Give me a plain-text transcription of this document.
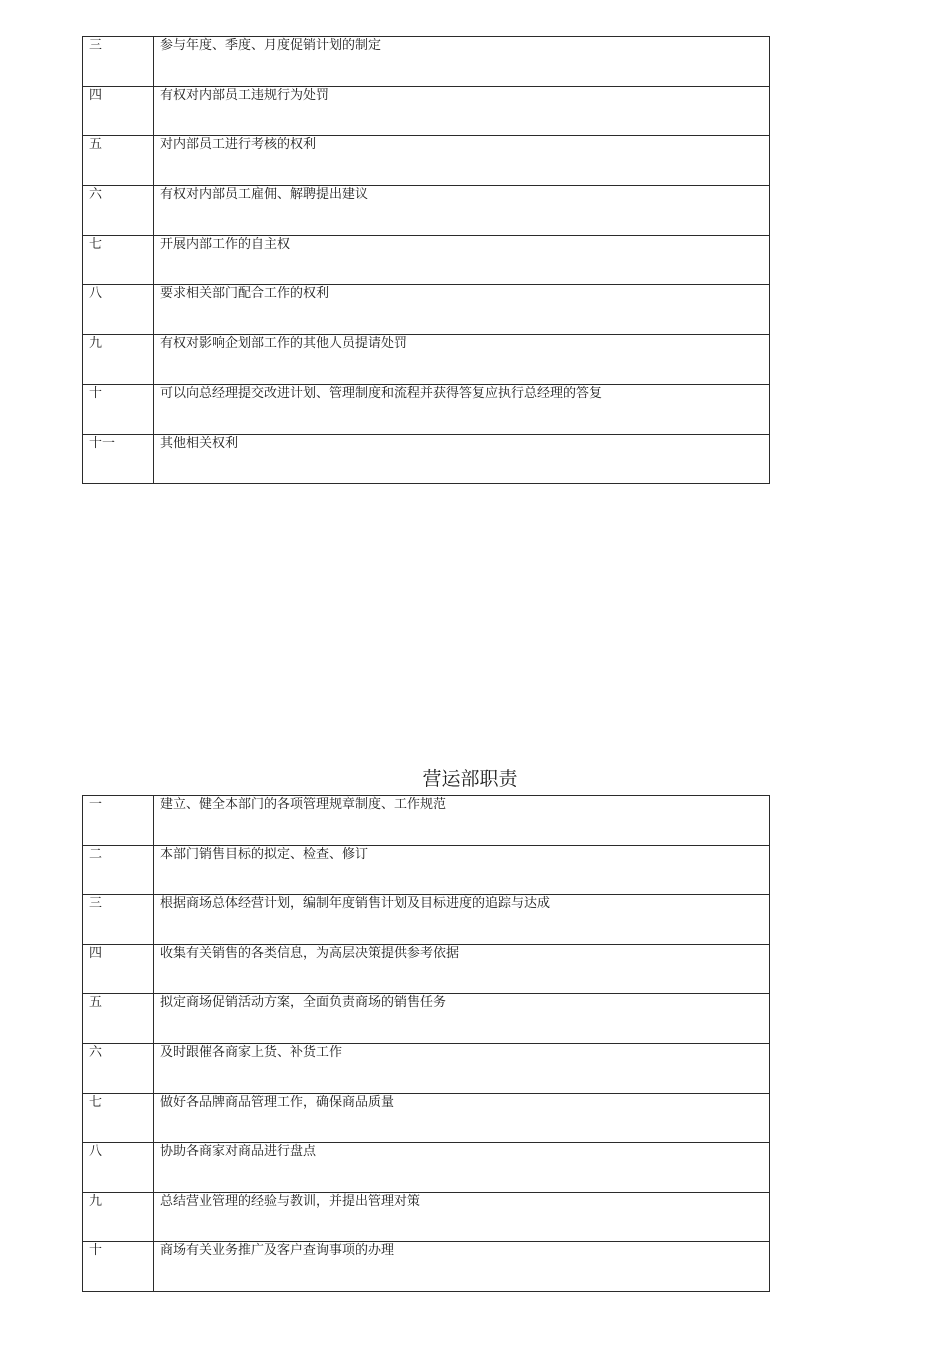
三	参与年度、季度、月度促销计划的制定
四	有权对内部员工违规行为处罚
五	对内部员工进行考核的权利
六	有权对内部员工雇佣、解聘提出建议
七	开展内部工作的自主权
八	要求相关部门配合工作的权利
九	有权对影响企划部工作的其他人员提请处罚
十	可以向总经理提交改进计划、管理制度和流程并获得答复应执行总经理的答复
十一	其他相关权利
营运部职责
一	建立、健全本部门的各项管理规章制度、工作规范
二	本部门销售目标的拟定、检查、修订
三	根据商场总体经营计划，编制年度销售计划及目标进度的追踪与达成
四	收集有关销售的各类信息，为高层决策提供参考依据
五	拟定商场促销活动方案，全面负责商场的销售任务
六	及时跟催各商家上货、补货工作
七	做好各品牌商品管理工作，确保商品质量
八	协助各商家对商品进行盘点
九	总结营业管理的经验与教训，并提出管理对策
十	商场有关业务推广及客户查询事项的办理
